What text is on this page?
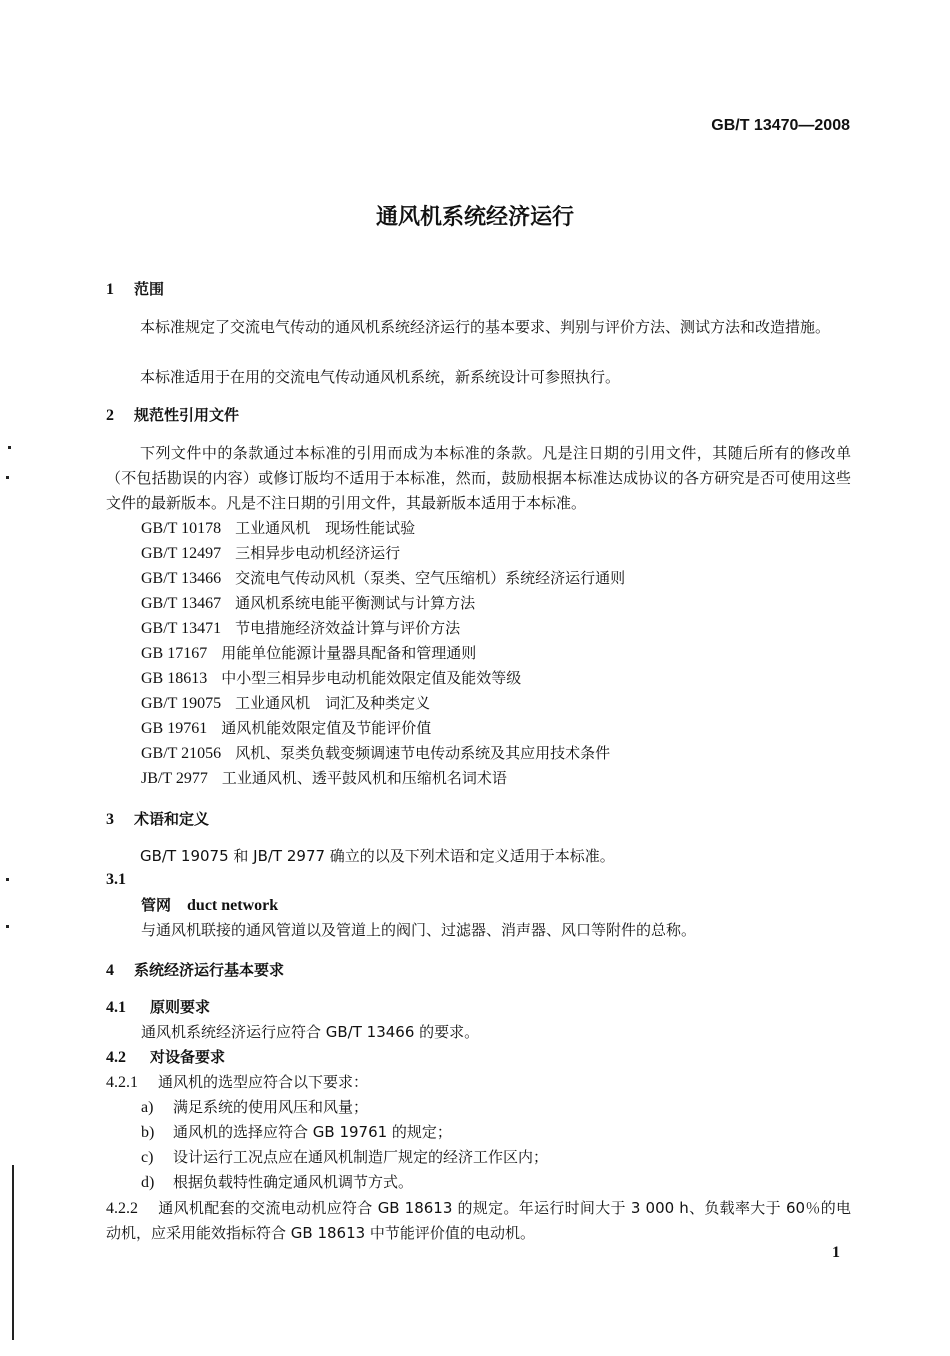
GB/T 13470—2008
通风机系统经济运行
1 范围

本标准规定了交流电气传动的通风机系统经济运行的基本要求、判别与评价方法、测试方法和改造措施。

本标准适用于在用的交流电气传动通风机系统，新系统设计可参照执行。

2 规范性引用文件

下列文件中的条款通过本标准的引用而成为本标准的条款。凡是注日期的引用文件，其随后所有的修改单（不包括勘误的内容）或修订版均不适用于本标准，然而，鼓励根据本标准达成协议的各方研究是否可使用这些文件的最新版本。凡是不注日期的引用文件，其最新版本适用于本标准。

GB/T 10178 工业通风机　现场性能试验
GB/T 12497 三相异步电动机经济运行
GB/T 13466 交流电气传动风机（泵类、空气压缩机）系统经济运行通则
GB/T 13467 通风机系统电能平衡测试与计算方法
GB/T 13471 节电措施经济效益计算与评价方法
GB 17167 用能单位能源计量器具配备和管理通则
GB 18613 中小型三相异步电动机能效限定值及能效等级
GB/T 19075 工业通风机　词汇及种类定义
GB 19761 通风机能效限定值及节能评价值
GB/T 21056 风机、泵类负载变频调速节电传动系统及其应用技术条件
JB/T 2977 工业通风机、透平鼓风机和压缩机名词术语
3 术语和定义

GB/T 19075 和 JB/T 2977 确立的以及下列术语和定义适用于本标准。

3.1
管网 duct network
与通风机联接的通风管道以及管道上的阀门、过滤器、消声器、风口等附件的总称。
4 系统经济运行基本要求
4.1 原则要求
通风机系统经济运行应符合 GB/T 13466 的要求。
4.2 对设备要求
4.2.1 通风机的选型应符合以下要求：
a) 满足系统的使用风压和风量；
b) 通风机的选择应符合 GB 19761 的规定；
c) 设计运行工况点应在通风机制造厂规定的经济工作区内；
d) 根据负载特性确定通风机调节方式。
4.2.2 通风机配套的交流电动机应符合 GB 18613 的规定。年运行时间大于 3 000 h、负载率大于 60％的电动机，应采用能效指标符合 GB 18613 中节能评价值的电动机。
1
